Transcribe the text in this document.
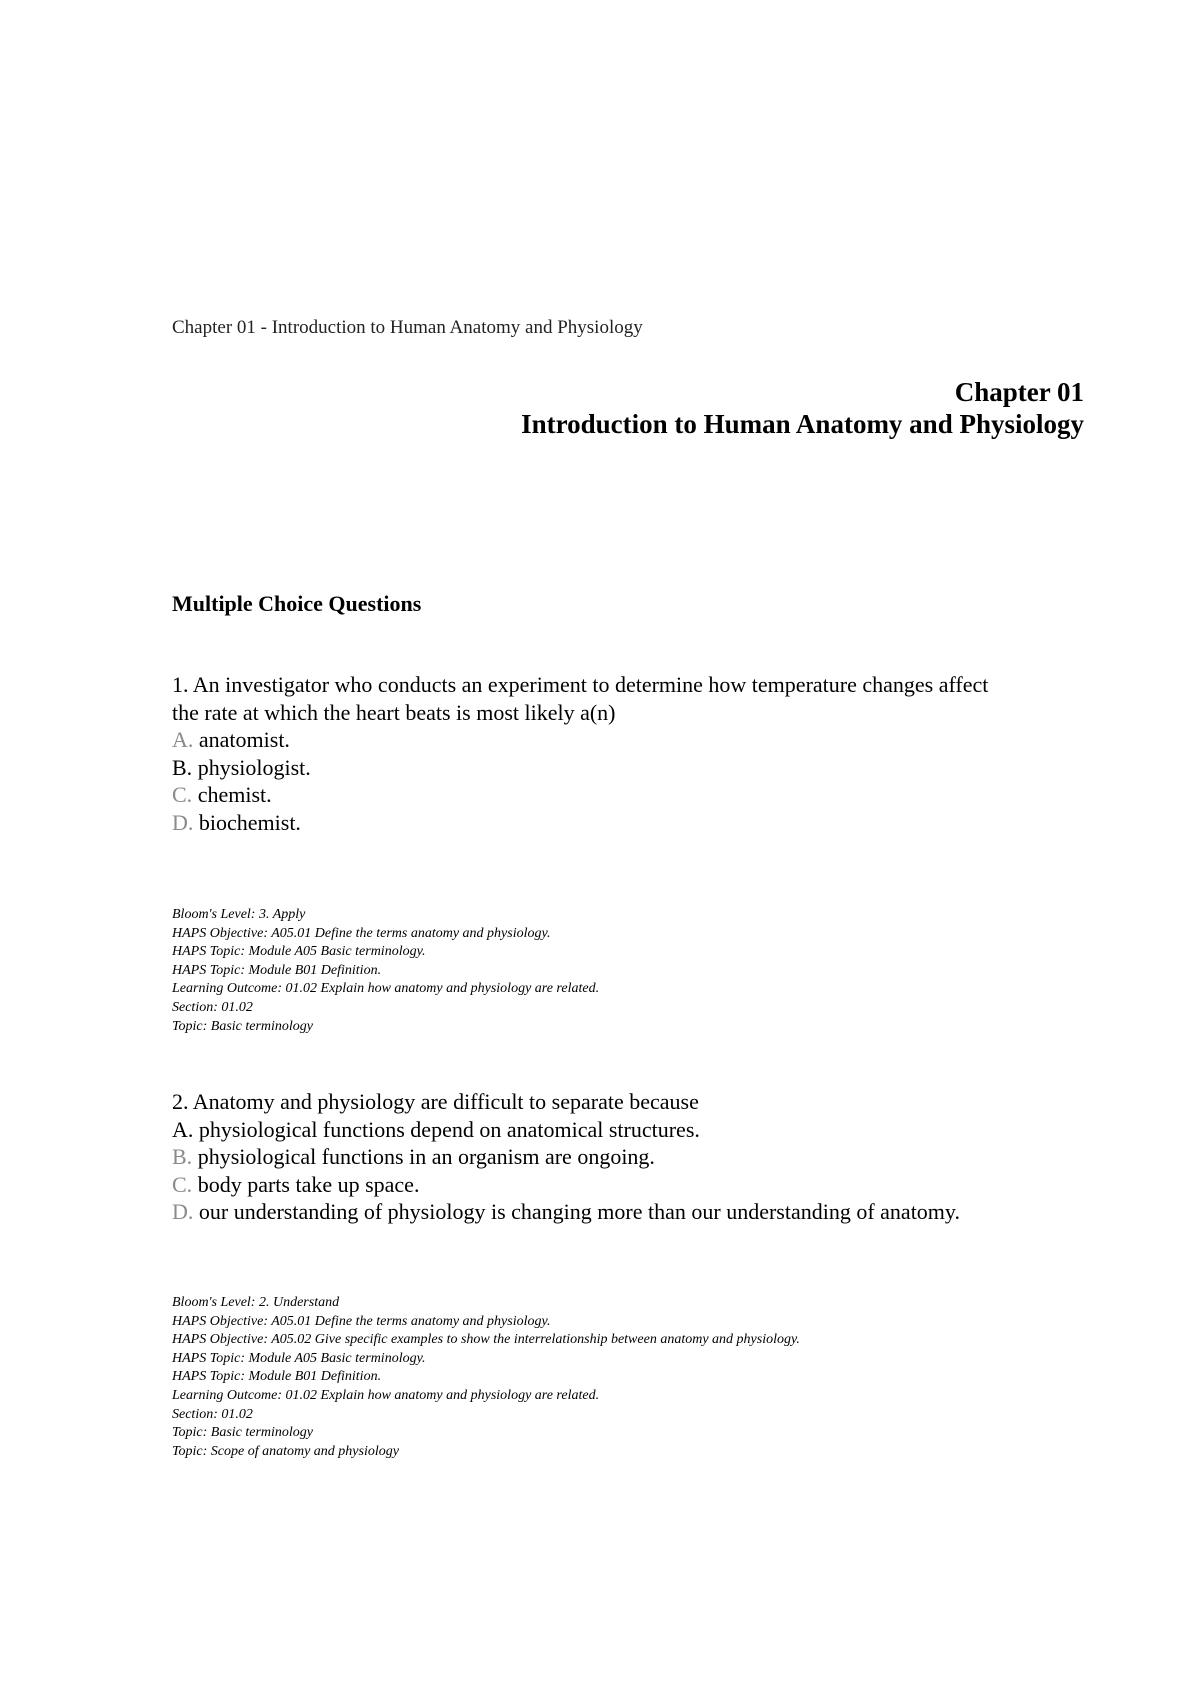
Chapter 01 - Introduction to Human Anatomy and Physiology
Chapter 01
Introduction to Human Anatomy and Physiology
Multiple Choice Questions
1. An investigator who conducts an experiment to determine how temperature changes affect
the rate at which the heart beats is most likely a(n)
A. anatomist.
B. physiologist.
C. chemist.
D. biochemist.
Bloom's Level: 3. Apply
HAPS Objective: A05.01 Define the terms anatomy and physiology.
HAPS Topic: Module A05 Basic terminology.
HAPS Topic: Module B01 Definition.
Learning Outcome: 01.02 Explain how anatomy and physiology are related.
Section: 01.02
Topic: Basic terminology
2. Anatomy and physiology are difficult to separate because
A. physiological functions depend on anatomical structures.
B. physiological functions in an organism are ongoing.
C. body parts take up space.
D. our understanding of physiology is changing more than our understanding of anatomy.
Bloom's Level: 2. Understand
HAPS Objective: A05.01 Define the terms anatomy and physiology.
HAPS Objective: A05.02 Give specific examples to show the interrelationship between anatomy and physiology.
HAPS Topic: Module A05 Basic terminology.
HAPS Topic: Module B01 Definition.
Learning Outcome: 01.02 Explain how anatomy and physiology are related.
Section: 01.02
Topic: Basic terminology
Topic: Scope of anatomy and physiology
